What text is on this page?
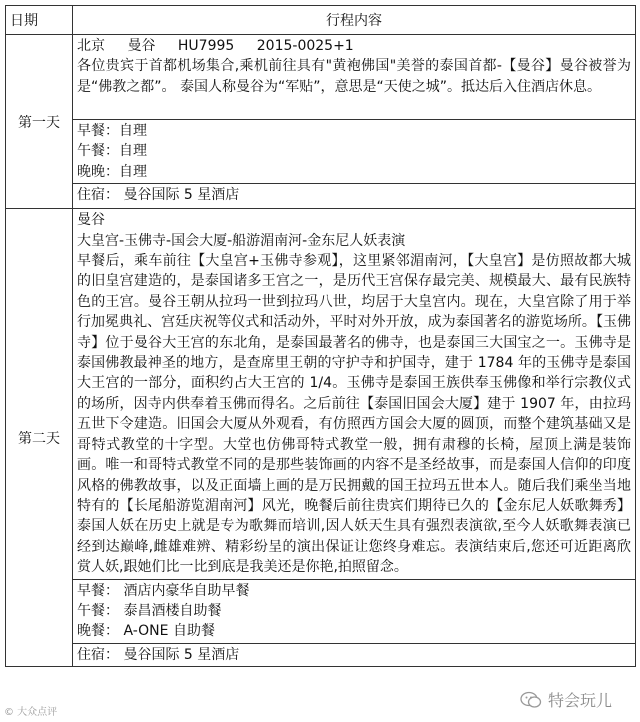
日期	行程内容
第一天	北京 曼谷 HU7995 2015-0025+1
各位贵宾于首都机场集合,乘机前往具有"黄袍佛国"美誉的泰国首都-【曼谷】曼谷被誉为是“佛教之都”。 泰国人称曼谷为“军贴”，意思是“天使之城”。抵达后入住酒店休息。

	早餐：自理
午餐：自理
晚晚：自理

	住宿： 曼谷国际 5 星酒店
第二天	曼谷
大皇宫-玉佛寺-国会大厦-船游湄南河-金东尼人妖表演
早餐后，乘车前往【大皇宫+玉佛寺参观】，这里紧邻湄南河，【大皇宫】是仿照故都大城的旧皇宫建造的，是泰国诸多王宫之一，是历代王宫保存最完美、规模最大、最有民族特色的王宫。曼谷王朝从拉玛一世到拉玛八世，均居于大皇宫内。现在，大皇宫除了用于举行加冕典礼、宫廷庆祝等仪式和活动外，平时对外开放，成为泰国著名的游览场所。【玉佛寺】位于曼谷大王宫的东北角，是泰国最著名的佛寺，也是泰国三大国宝之一。玉佛寺是泰国佛教最神圣的地方，是查席里王朝的守护寺和护国寺，建于 1784 年的玉佛寺是泰国大王宫的一部分，面积约占大王宫的 1/4。玉佛寺是泰国王族供奉玉佛像和举行宗教仪式的场所，因寺内供奉着玉佛而得名。之后前往【泰国旧国会大厦】建于 1907 年，由拉玛五世下令建造。旧国会大厦从外观看，有仿照西方国会大厦的圆顶，而整个建筑基础又是哥特式教堂的十字型。大堂也仿佛哥特式教堂一般，拥有肃穆的长椅，屋顶上满是装饰画。唯一和哥特式教堂不同的是那些装饰画的内容不是圣经故事，而是泰国人信仰的印度风格的佛教故事，以及正面墙上画的是万民拥戴的国王拉玛五世本人。随后我们乘坐当地特有的【长尾船游览湄南河】风光，晚餐后前往贵宾们期待已久的【金东尼人妖歌舞秀】泰国人妖在历史上就是专为歌舞而培训,因人妖天生具有强烈表演欲,至今人妖歌舞表演已经到达巅峰,雌雄难辨、精彩纷呈的演出保证让您终身难忘。表演结束后,您还可近距离欣赏人妖,跟她们比一比到底是我美还是你艳,拍照留念。

	早餐： 酒店内豪华自助早餐
午餐： 泰昌酒楼自助餐
晚餐： A-ONE 自助餐

	住宿： 曼谷国际 5 星酒店
© 大众点评
特会玩儿
